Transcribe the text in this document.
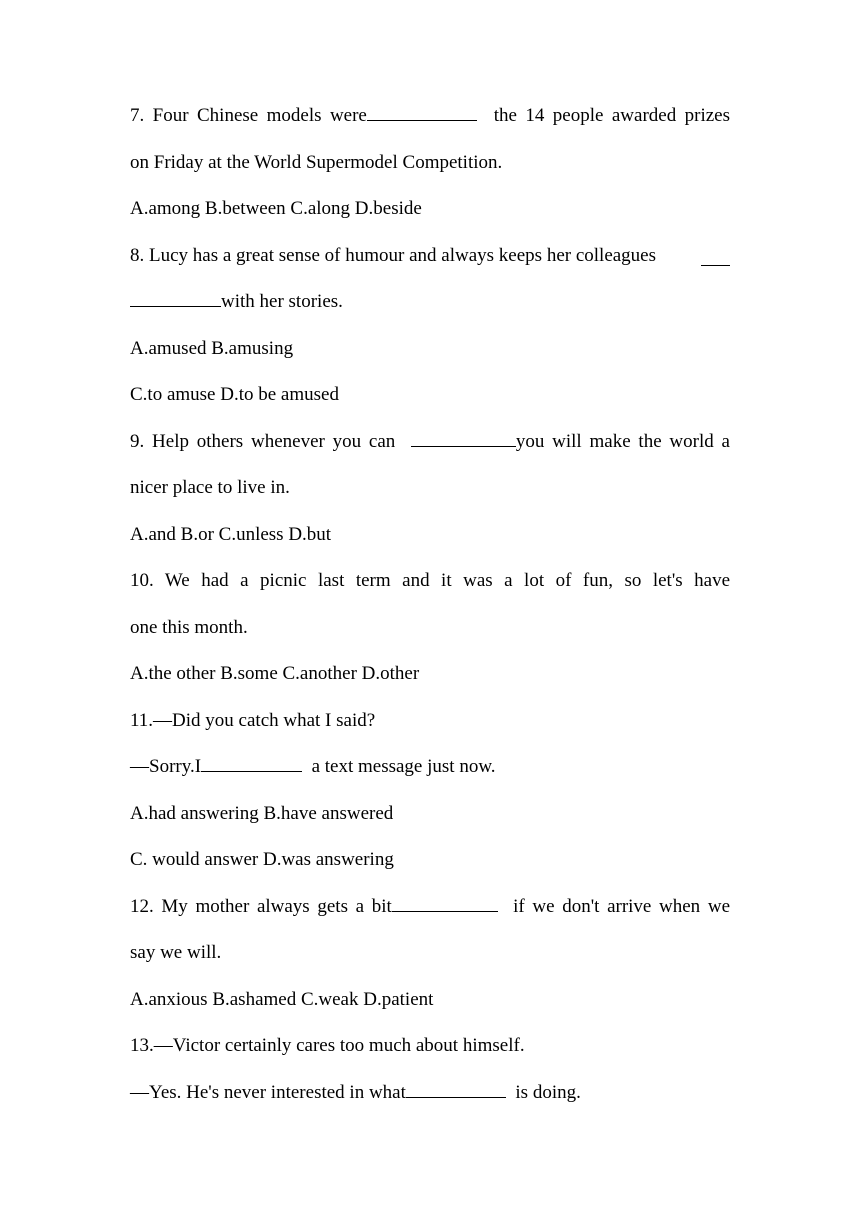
7. Four Chinese models were	the 14 people awarded prizes
on Friday at the World Supermodel Competition.
A.among B.between C.along D.beside
8. Lucy has a great sense of humour and always keeps her colleagues
with her stories.
A.amused B.amusing
C.to amuse D.to be amused
9. Help others whenever you can	you will make the world a
nicer place to live in.
A.and B.or C.unless D.but
10. We had a picnic last term and it was a lot of fun, so let's have
one this month.
A.the other B.some C.another D.other
11.—Did you catch what I said?
—Sorry.I	a text message just now.
A.had answering B.have answered
C. would answer D.was answering
12. My mother always gets a bit	if we don't arrive when we
say we will.
A.anxious B.ashamed C.weak D.patient
13.—Victor certainly cares too much about himself.
—Yes. He's never interested in what	is doing.
